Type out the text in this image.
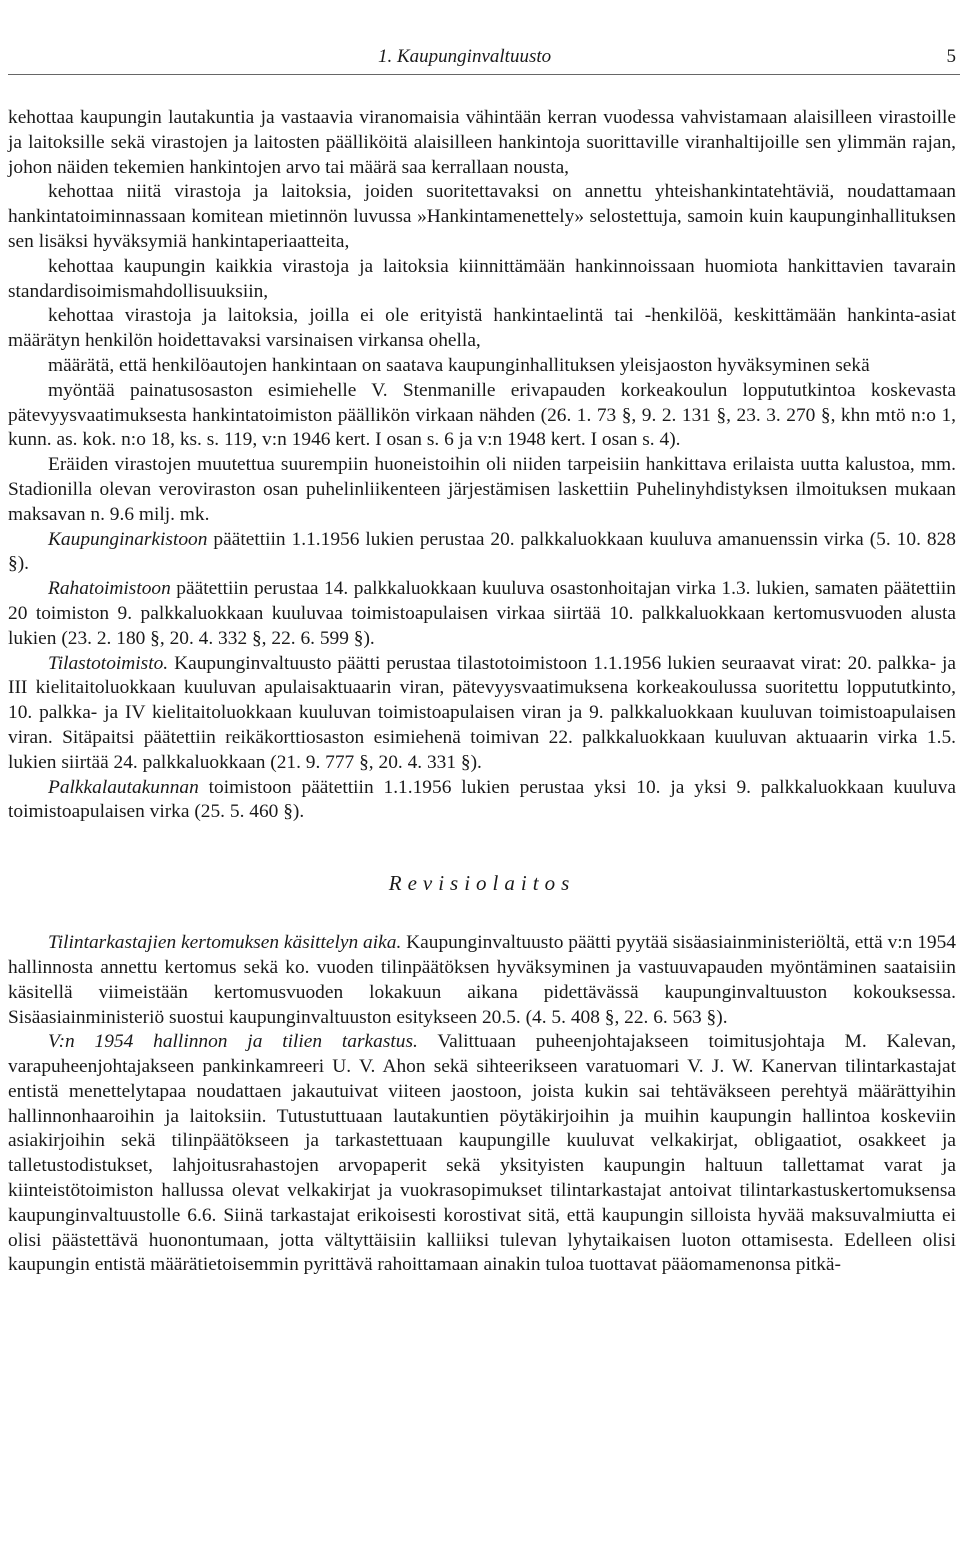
1. Kaupunginvaltuusto	5

kehottaa kaupungin lautakuntia ja vastaavia viranomaisia vähintään kerran vuodessa vahvistamaan alaisilleen virastoille ja laitoksille sekä virastojen ja laitosten päälliköitä alaisilleen hankintoja suorittaville viranhaltijoille sen ylimmän rajan, johon näiden tekemien hankintojen arvo tai määrä saa kerrallaan nousta,

kehottaa niitä virastoja ja laitoksia, joiden suoritettavaksi on annettu yhteishankintatehtäviä, noudattamaan hankintatoiminnassaan komitean mietinnön luvussa »Hankintamenettely» selostettuja, samoin kuin kaupunginhallituksen sen lisäksi hyväksymiä hankintaperiaatteita,

kehottaa kaupungin kaikkia virastoja ja laitoksia kiinnittämään hankinnoissaan huomiota hankittavien tavarain standardisoimismahdollisuuksiin,

kehottaa virastoja ja laitoksia, joilla ei ole erityistä hankintaelintä tai -henkilöä, keskittämään hankinta-asiat määrätyn henkilön hoidettavaksi varsinaisen virkansa ohella,

määrätä, että henkilöautojen hankintaan on saatava kaupunginhallituksen yleisjaoston hyväksyminen sekä

myöntää painatusosaston esimiehelle V. Stenmanille erivapauden korkeakoulun loppututkintoa koskevasta pätevyysvaatimuksesta hankintatoimiston päällikön virkaan nähden (26. 1. 73 §, 9. 2. 131 §, 23. 3. 270 §, khn mtö n:o 1, kunn. as. kok. n:o 18, ks. s. 119, v:n 1946 kert. I osan s. 6 ja v:n 1948 kert. I osan s. 4).

Eräiden virastojen muutettua suurempiin huoneistoihin oli niiden tarpeisiin hankittava erilaista uutta kalustoa, mm. Stadionilla olevan veroviraston osan puhelinliikenteen järjestämisen laskettiin Puhelinyhdistyksen ilmoituksen mukaan maksavan n. 9.6 milj. mk.

Kaupunginarkistoon päätettiin 1.1.1956 lukien perustaa 20. palkkaluokkaan kuuluva amanuenssin virka (5. 10. 828 §).

Rahatoimistoon päätettiin perustaa 14. palkkaluokkaan kuuluva osastonhoitajan virka 1.3. lukien, samaten päätettiin 20 toimiston 9. palkkaluokkaan kuuluvaa toimistoapulaisen virkaa siirtää 10. palkkaluokkaan kertomusvuoden alusta lukien (23. 2. 180 §, 20. 4. 332 §, 22. 6. 599 §).

Tilastotoimisto. Kaupunginvaltuusto päätti perustaa tilastotoimistoon 1.1.1956 lukien seuraavat virat: 20. palkka- ja III kielitaitoluokkaan kuuluvan apulaisaktuaarin viran, pätevyysvaatimuksena korkeakoulussa suoritettu loppututkinto, 10. palkka- ja IV kielitaitoluokkaan kuuluvan toimistoapulaisen viran ja 9. palkkaluokkaan kuuluvan toimistoapulaisen viran. Sitäpaitsi päätettiin reikäkorttiosaston esimiehenä toimivan 22. palkkaluokkaan kuuluvan aktuaarin virka 1.5. lukien siirtää 24. palkkaluokkaan (21. 9. 777 §, 20. 4. 331 §).

Palkkalautakunnan toimistoon päätettiin 1.1.1956 lukien perustaa yksi 10. ja yksi 9. palkkaluokkaan kuuluva toimistoapulaisen virka (25. 5. 460 §).

Revisiolaitos

Tilintarkastajien kertomuksen käsittelyn aika. Kaupunginvaltuusto päätti pyytää sisäasiainministeriöltä, että v:n 1954 hallinnosta annettu kertomus sekä ko. vuoden tilinpäätöksen hyväksyminen ja vastuuvapauden myöntäminen saataisiin käsitellä viimeistään kertomusvuoden lokakuun aikana pidettävässä kaupunginvaltuuston kokouksessa. Sisäasiainministeriö suostui kaupunginvaltuuston esitykseen 20.5. (4. 5. 408 §, 22. 6. 563 §).

V:n 1954 hallinnon ja tilien tarkastus. Valittuaan puheenjohtajakseen toimitusjohtaja M. Kalevan, varapuheenjohtajakseen pankinkamreeri U. V. Ahon sekä sihteerikseen varatuomari V. J. W. Kanervan tilintarkastajat entistä menettelytapaa noudattaen jakautuivat viiteen jaostoon, joista kukin sai tehtäväkseen perehtyä määrättyihin hallinnonhaaroihin ja laitoksiin. Tutustuttuaan lautakuntien pöytäkirjoihin ja muihin kaupungin hallintoa koskeviin asiakirjoihin sekä tilinpäätökseen ja tarkastettuaan kaupungille kuuluvat velkakirjat, obligaatiot, osakkeet ja talletustodistukset, lahjoitusrahastojen arvopaperit sekä yksityisten kaupungin haltuun tallettamat varat ja kiinteistötoimiston hallussa olevat velkakirjat ja vuokrasopimukset tilintarkastajat antoivat tilintarkastuskertomuksensa kaupunginvaltuustolle 6.6. Siinä tarkastajat erikoisesti korostivat sitä, että kaupungin silloista hyvää maksuvalmiutta ei olisi päästettävä huonontumaan, jotta vältyttäisiin kalliiksi tulevan lyhytaikaisen luoton ottamisesta. Edelleen olisi kaupungin entistä määrätietoisemmin pyrittävä rahoittamaan ainakin tuloa tuottavat pääomamenonsa pitkä-
